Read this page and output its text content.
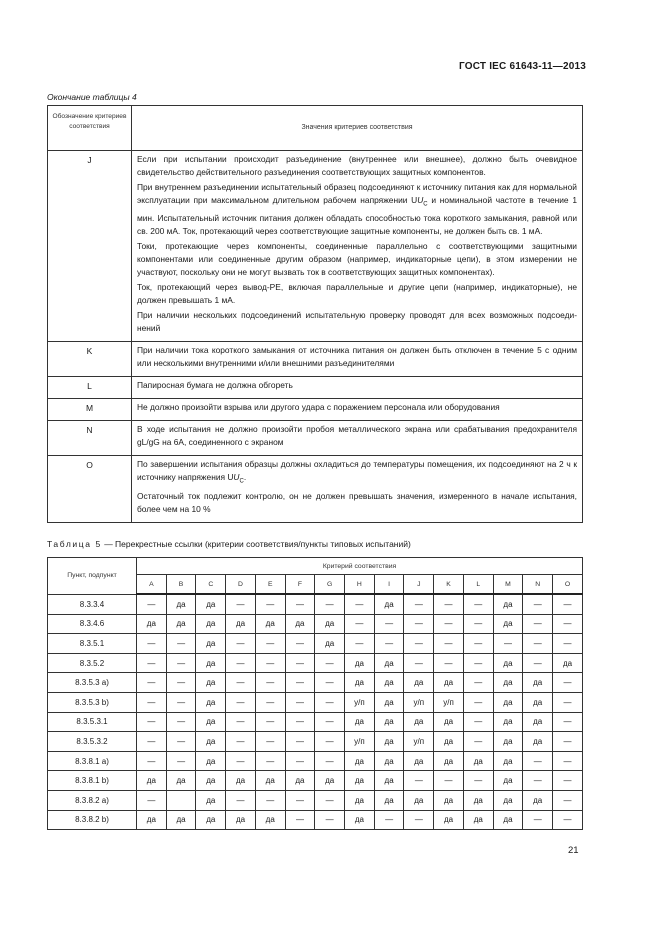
ГОСТ IEC 61643-11—2013
Окончание таблицы 4
Обозначение критериев соответствия	Значения критериев соответствия

J	Если при испытании происходит разъединение (внутреннее или внешнее), должно быть очевидное свидетельство действительного разъединения соответствующих защитных компонентов.

При внутреннем разъединении испытательный образец подсоединяют к источнику питания как для нормальной эксплуатации при максимальном длительном рабочем напряжении $UU_C$ и номинальной частоте в течение 1 мин. Испытательный источник питания должен обладать способностью тока короткого замыкания, равной или св. 200 мА. Ток, протекающий через соответствующие защитные компоненты, не должен быть св. 1 мА.

Токи, протекающие через компоненты, соединенные параллельно с соответствующими защитными компонентами или соединенные другим образом (например, индикаторные цепи), в этом измерении не участвуют, поскольку они не могут вызвать ток в соответствующих защитных компонентах).

Ток, протекающий через вывод-РЕ, включая параллельные и другие цепи (например, индикаторные), не должен превышать 1 мА.

При наличии нескольких подсоединений испытательную проверку проводят для всех возможных подсоединений

K	При наличии тока короткого замыкания от источника питания он должен быть отключен в течение 5 с одним или несколькими внутренними и/или внешними разъединителями

L	Папиросная бумага не должна обгореть

M	Не должно произойти взрыва или другого удара с поражением персонала или оборудования

N	В ходе испытания не должно произойти пробоя металлического экрана или срабатывания предохранителя gL/gG на 6А, соединенного с экраном

O	По завершении испытания образцы должны охладиться до температуры помещения, их подсоединяют на 2 ч к источнику напряжения $UU_C$.

Остаточный ток подлежит контролю, он не должен превышать значения, измеренного в начале испытания, более чем на 10 %

Таблица 5 — Перекрестные ссылки (критерии соответствия/пункты типовых испытаний)
Пункт, подпункт	Критерий соответствия														
	A	B	C	D	E	F	G	H	I	J	K	L	M	N	O
8.3.3.4	—	да	да	—	—	—	—	—	да	—	—	—	да	—	—
8.3.4.6	да	да	да	да	да	да	да	—	—	—	—	—	да	—	—
8.3.5.1	—	—	да	—	—	—	да	—	—	—	—	—	—	—	—
8.3.5.2	—	—	да	—	—	—	—	да	да	—	—	—	да	—	да
8.3.5.3 a)	—	—	да	—	—	—	—	да	да	да	да	—	да	да	—
8.3.5.3 b)	—	—	да	—	—	—	—	у/п	да	у/п	у/п	—	да	да	—
8.3.5.3.1	—	—	да	—	—	—	—	да	да	да	да	—	да	да	—
8.3.5.3.2	—	—	да	—	—	—	—	у/п	да	у/п	да	—	да	да	—
8.3.8.1 a)	—	—	да	—	—	—	—	да	да	да	да	да	да	—	—
8.3.8.1 b)	да	да	да	да	да	да	да	да	да	—	—	—	да	—	—
8.3.8.2 a)	—		да	—	—	—	—	да	да	да	да	да	да	да	—
8.3.8.2 b)	да	да	да	да	да	—	—	да	—	—	да	да	да	—	—
21
